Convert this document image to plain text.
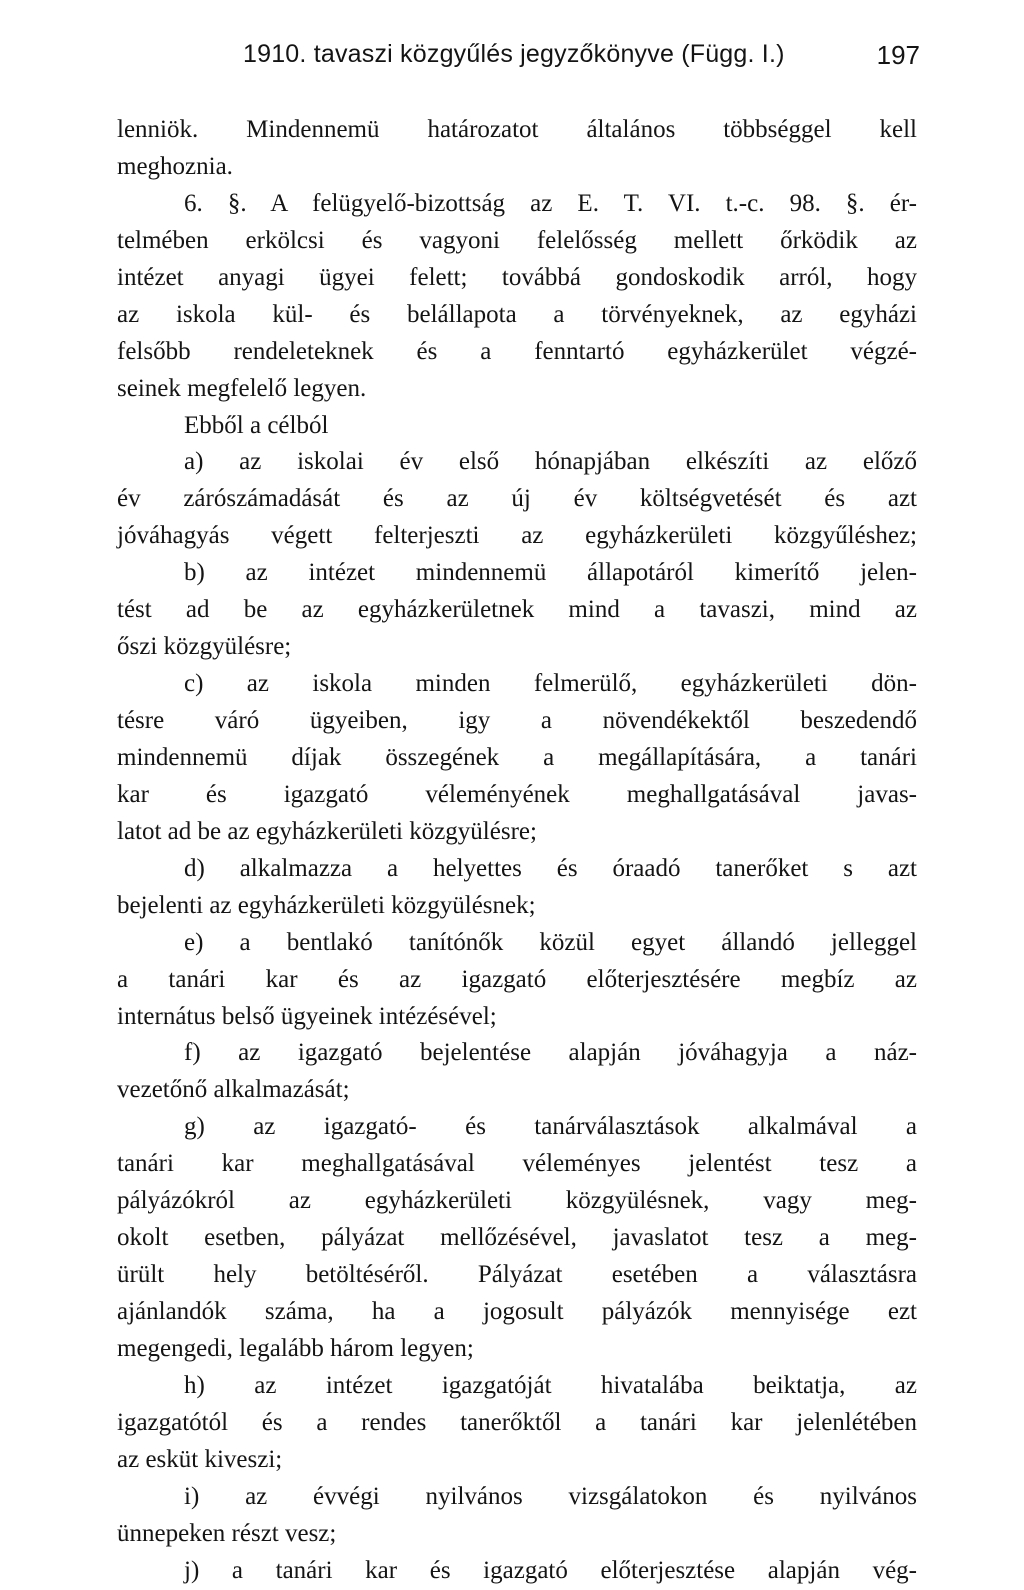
1910. tavaszi közgyűlés jegyzőkönyve (Függ. I.)	197
lenniök. Mindennemü határozatot általános többséggel kell
meghoznia.
6. §. A felügyelő-bizottság az E. T. VI. t.-c. 98. §. ér-
telmében erkölcsi és vagyoni felelősség mellett őrködik az
intézet anyagi ügyei felett; továbbá gondoskodik arról, hogy
az iskola kül- és belállapota a törvényeknek, az egyházi
felsőbb rendeleteknek és a fenntartó egyházkerület végzé-
seinek megfelelő legyen.
Ebből a célból
a) az iskolai év első hónapjában elkészíti az előző
év zárószámadását és az új év költségvetését és azt
jóváhagyás végett felterjeszti az egyházkerületi közgyűléshez;
b) az intézet mindennemü állapotáról kimerítő jelen-
tést ad be az egyházkerületnek mind a tavaszi, mind az
őszi közgyülésre;
c) az iskola minden felmerülő, egyházkerületi dön-
tésre váró ügyeiben, igy a növendékektől beszedendő
mindennemü díjak összegének a megállapítására, a tanári
kar és igazgató véleményének meghallgatásával javas-
latot ad be az egyházkerületi közgyülésre;
d) alkalmazza a helyettes és óraadó tanerőket s azt
bejelenti az egyházkerületi közgyülésnek;
e) a bentlakó tanítónők közül egyet állandó jelleggel
a tanári kar és az igazgató előterjesztésére megbíz az
internátus belső ügyeinek intézésével;
f) az igazgató bejelentése alapján jóváhagyja a náz-
vezetőnő alkalmazását;
g) az igazgató- és tanárválasztások alkalmával a
tanári kar meghallgatásával véleményes jelentést tesz a
pályázókról az egyházkerületi közgyülésnek, vagy meg-
okolt esetben, pályázat mellőzésével, javaslatot tesz a meg-
ürült hely betöltéséről. Pályázat esetében a választásra
ajánlandók száma, ha a jogosult pályázók mennyisége ezt
megengedi, legalább három legyen;
h) az intézet igazgatóját hivatalába beiktatja, az
igazgatótól és a rendes tanerőktől a tanári kar jelenlétében
az esküt kiveszi;
i) az évvégi nyilvános vizsgálatokon és nyilvános
ünnepeken részt vesz;
j) a tanári kar és igazgató előterjesztése alapján vég-
